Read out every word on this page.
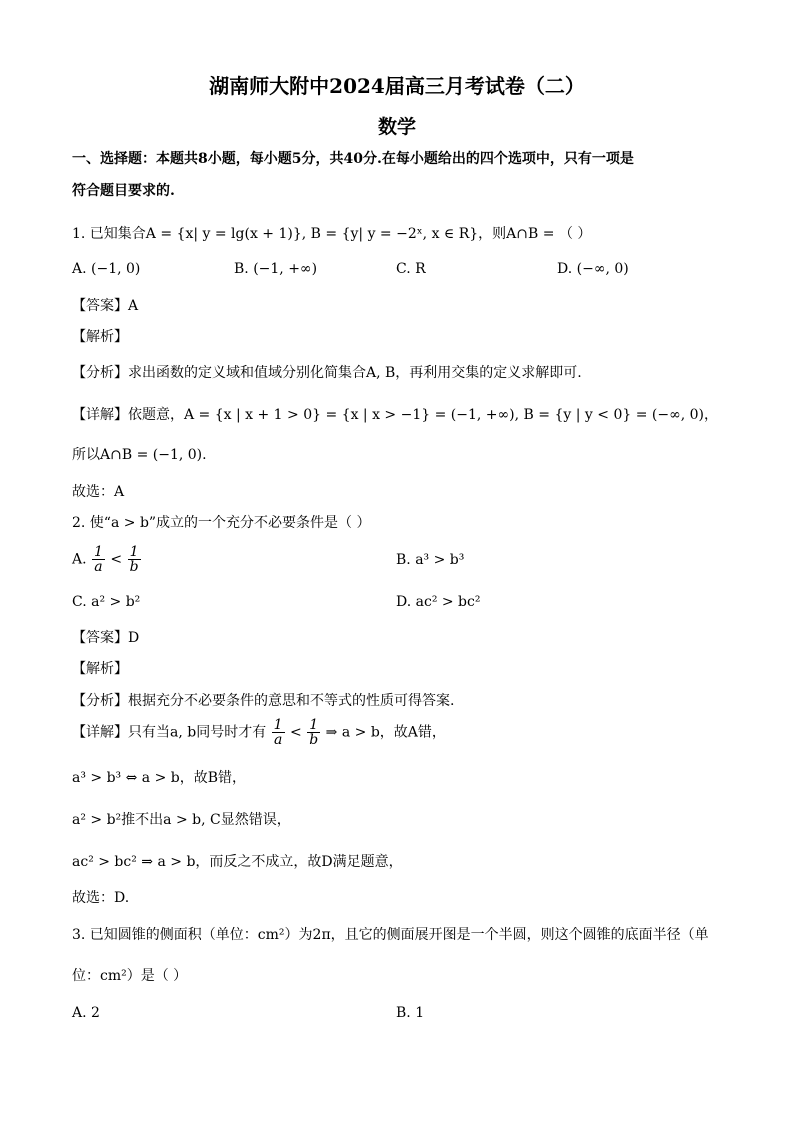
湖南师大附中2024届高三月考试卷（二）
数学
一、选择题：本题共8小题，每小题5分，共40分.在每小题给出的四个选项中，只有一项是
符合题目要求的.
1. 已知集合A = {x| y = lg(x + 1)}, B = {y| y = −2ˣ, x ∈ R}，则A∩B = （ ）
A. (−1, 0)	B. (−1, +∞)	C. R	D. (−∞, 0)
【答案】A
【解析】
【分析】求出函数的定义域和值域分别化简集合A, B，再利用交集的定义求解即可.
【详解】依题意，A = {x | x + 1 > 0} = {x | x > −1} = (−1, +∞), B = {y | y < 0} = (−∞, 0)，
所以A∩B = (−1, 0).
故选：A
2. 使“a > b”成立的一个充分不必要条件是（ ）
A. $\frac{1}{a} < \frac{1}{b}$	B. a³ > b³
C. a² > b²	D. ac² > bc²
【答案】D
【解析】
【分析】根据充分不必要条件的意思和不等式的性质可得答案.
【详解】只有当a, b同号时才有 $\frac{1}{a} < \frac{1}{b}$ ⇒ a > b，故A错，
a³ > b³ ⇔ a > b，故B错，
a² > b²推不出a > b, C显然错误，
ac² > bc² ⇒ a > b，而反之不成立，故D满足题意，
故选：D.
3. 已知圆锥的侧面积（单位：cm²）为2π，且它的侧面展开图是一个半圆，则这个圆锥的底面半径（单
位：cm²）是（ ）
A. 2	B. 1
